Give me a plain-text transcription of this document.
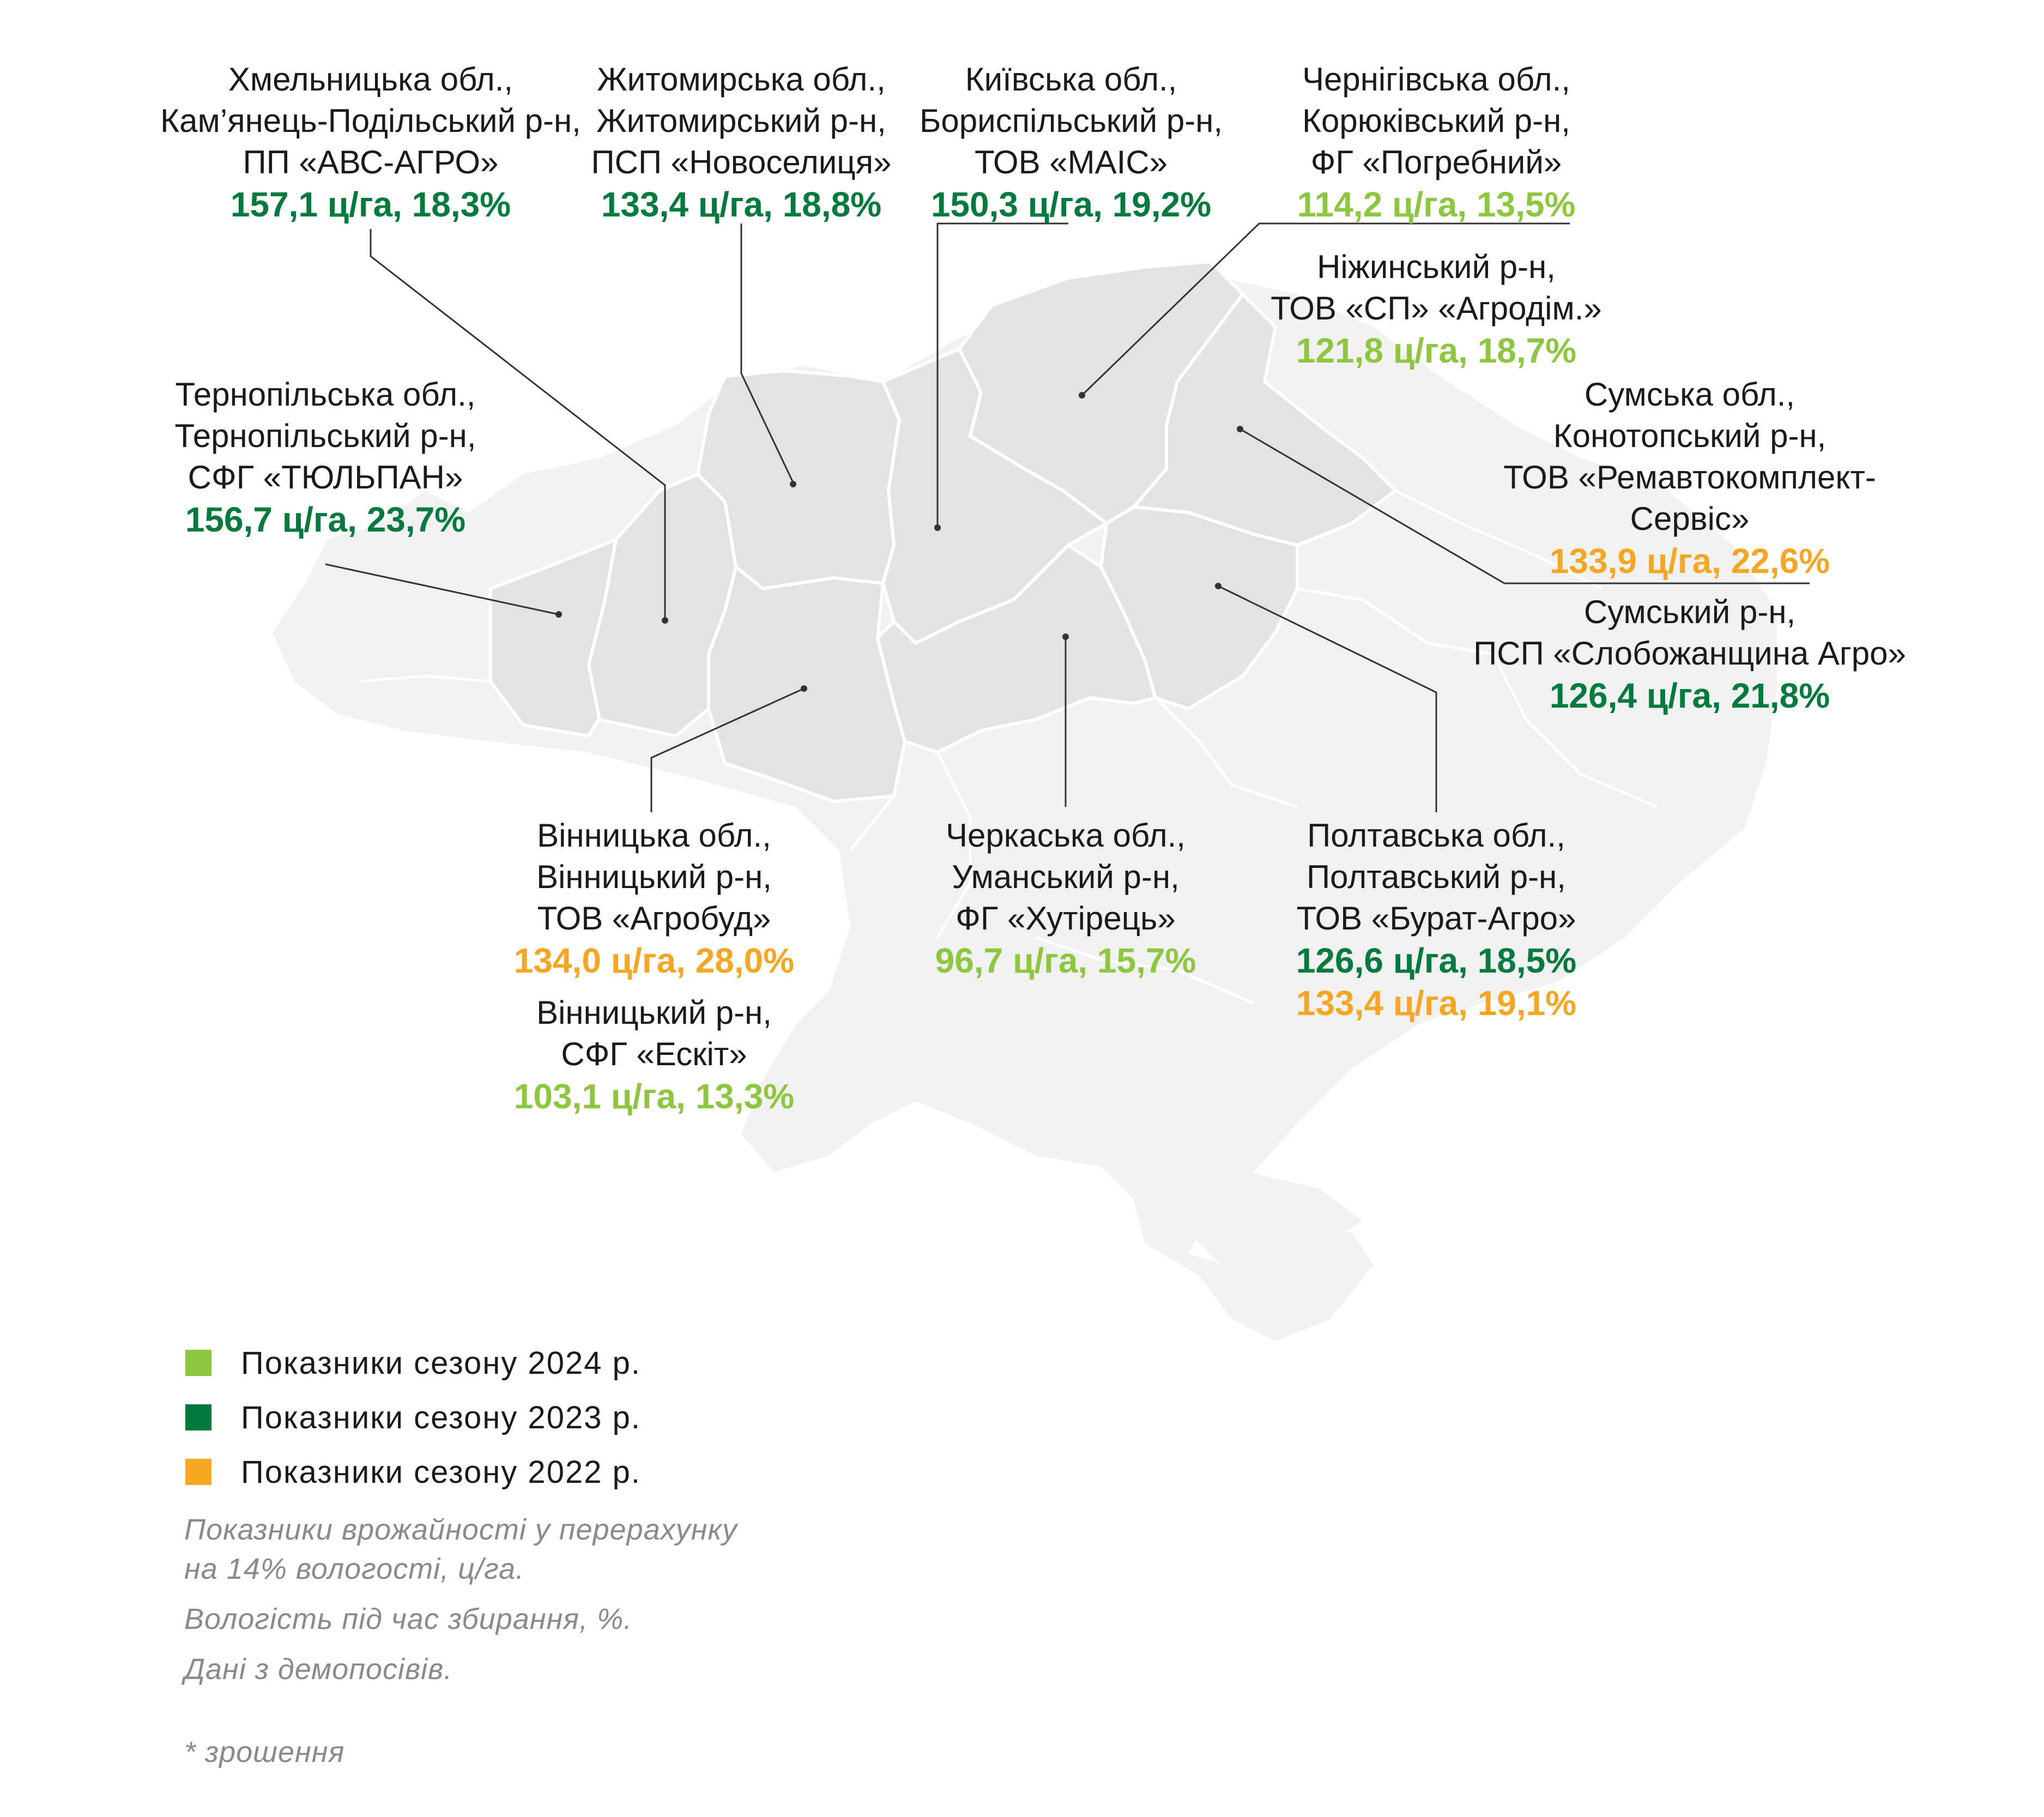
Хмельницька обл.,
Кам’янець-Подільський р-н,
ПП «АВС-АГРО»
157,1 ц/га, 18,3%
Житомирська обл.,
Житомирський р-н,
ПСП «Новоселиця»
133,4 ц/га, 18,8%
Київська обл.,
Бориспільський р-н,
ТОВ «МАІС»
150,3 ц/га, 19,2%
Чернігівська обл.,
Корюківський р-н,
ФГ «Погребний»
114,2 ц/га, 13,5%
Ніжинський р-н,
ТОВ «СП» «Агродім.»
121,8 ц/га, 18,7%
Тернопільська обл.,
Тернопільський р-н,
СФГ «ТЮЛЬПАН»
156,7 ц/га, 23,7%
Сумська обл.,
Конотопський р-н,
ТОВ «Ремавтокомплект-
Сервіс»
133,9 ц/га, 22,6%
Сумський р-н,
ПСП «Слобожанщина Агро»
126,4 ц/га, 21,8%
Вінницька обл.,
Вінницький р-н,
ТОВ «Агробуд»
134,0 ц/га, 28,0%
Вінницький р-н,
СФГ «Ескіт»
103,1 ц/га, 13,3%
Черкаська обл.,
Уманський р-н,
ФГ «Хутірець»
96,7 ц/га, 15,7%
Полтавська обл.,
Полтавський р-н,
ТОВ «Бурат-Агро»
126,6 ц/га, 18,5%
133,4 ц/га, 19,1%
Показники сезону 2024 р.
Показники сезону 2023 р.
Показники сезону 2022 р.
Показники врожайності у перерахунку
на 14% вологості, ц/га.
Вологість під час збирання, %.
Дані з демопосівів.
* зрошення
